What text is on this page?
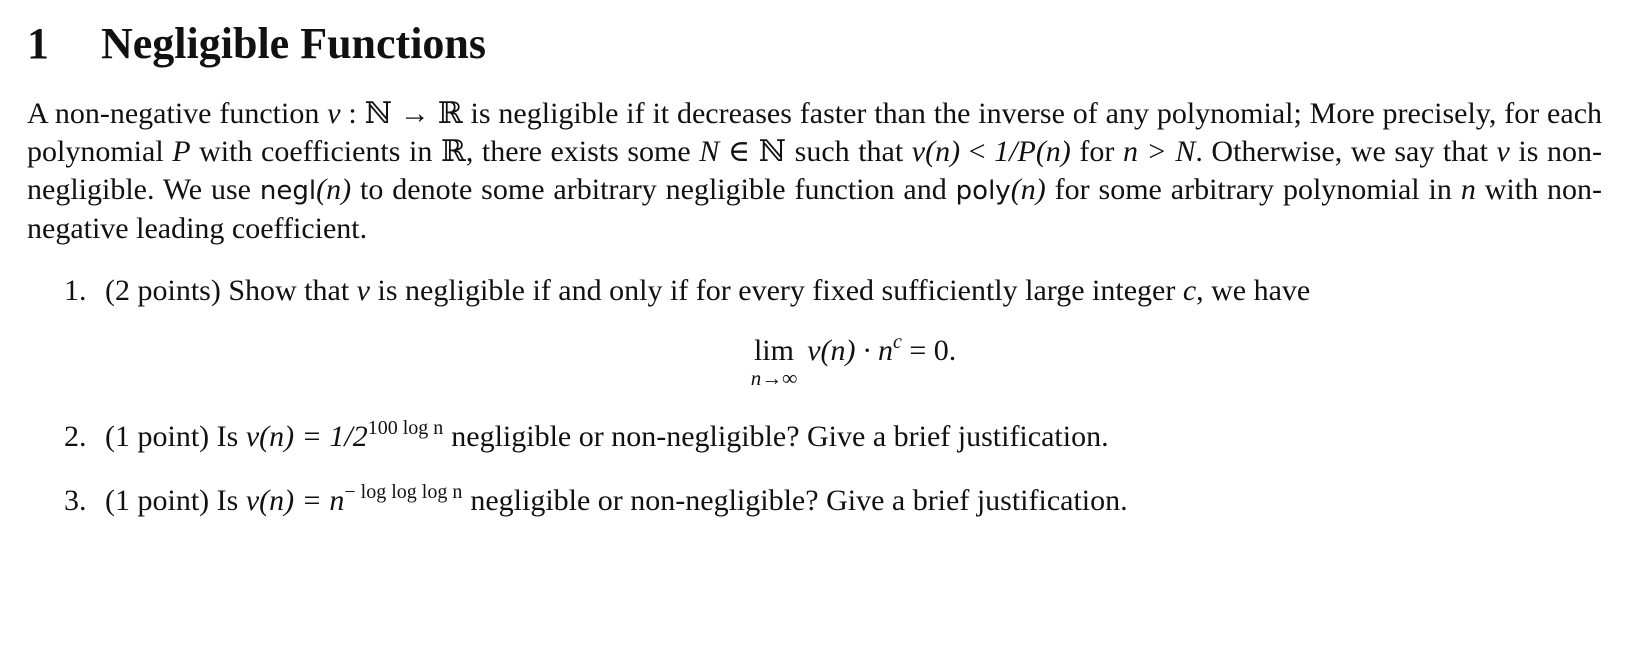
1 Negligible Functions

A non-negative function ν : ℕ → ℝ is negligible if it decreases faster than the inverse of any polynomial; More precisely, for each polynomial P with coefficients in ℝ, there exists some N ∈ ℕ such that ν(n) < 1/P(n) for n > N. Otherwise, we say that ν is non-negligible. We use negl(n) to denote some arbitrary negligible function and poly(n) for some arbitrary polynomial in n with non-negative leading coefficient.

1. (2 points) Show that ν is negligible if and only if for every fixed sufficiently large integer c, we have
lim
n→∞
$\nu(n) \cdot n^c = 0$.
2. (1 point) Is $\nu(n) = 1/2^{100 log n}$ negligible or non-negligible? Give a brief justification.
3. (1 point) Is $\nu(n) = n^{- log log log n}$ negligible or non-negligible? Give a brief justification.
